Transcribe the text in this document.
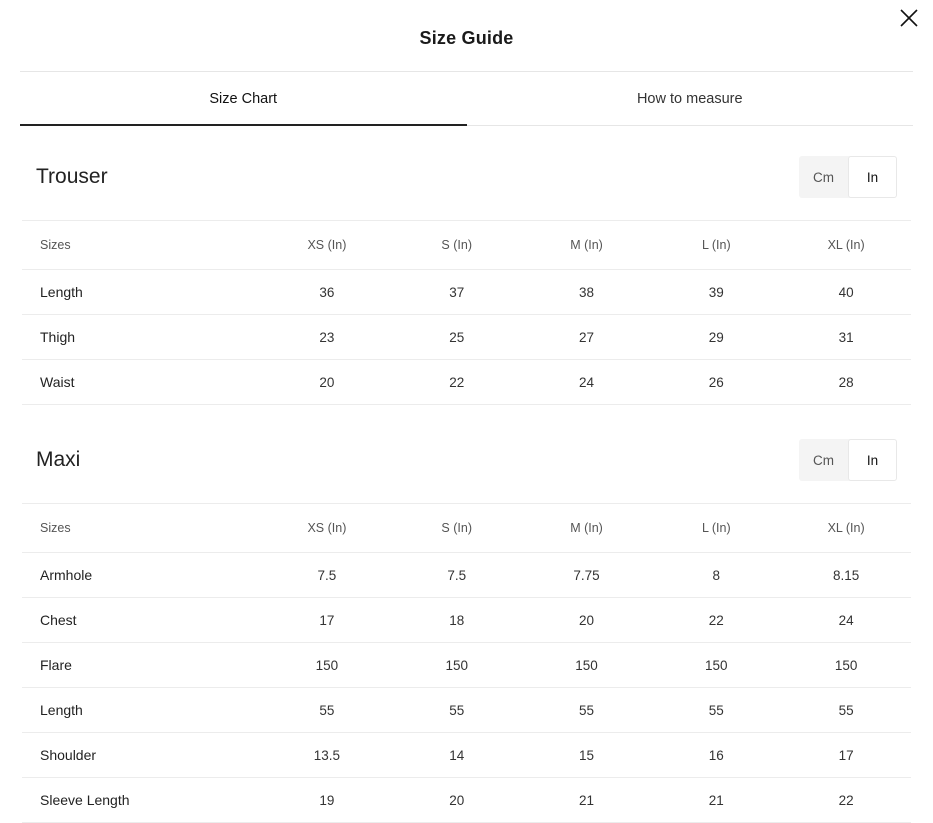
Size Guide
Size Chart	How to measure
Trouser	Cm	In
Sizes	XS (In)	S (In)	M (In)	L (In)	XL (In)
Length	36	37	38	39	40
Thigh	23	25	27	29	31
Waist	20	22	24	26	28
Maxi	Cm	In
Sizes	XS (In)	S (In)	M (In)	L (In)	XL (In)
Armhole	7.5	7.5	7.75	8	8.15
Chest	17	18	20	22	24
Flare	150	150	150	150	150
Length	55	55	55	55	55
Shoulder	13.5	14	15	16	17
Sleeve Length	19	20	21	21	22
